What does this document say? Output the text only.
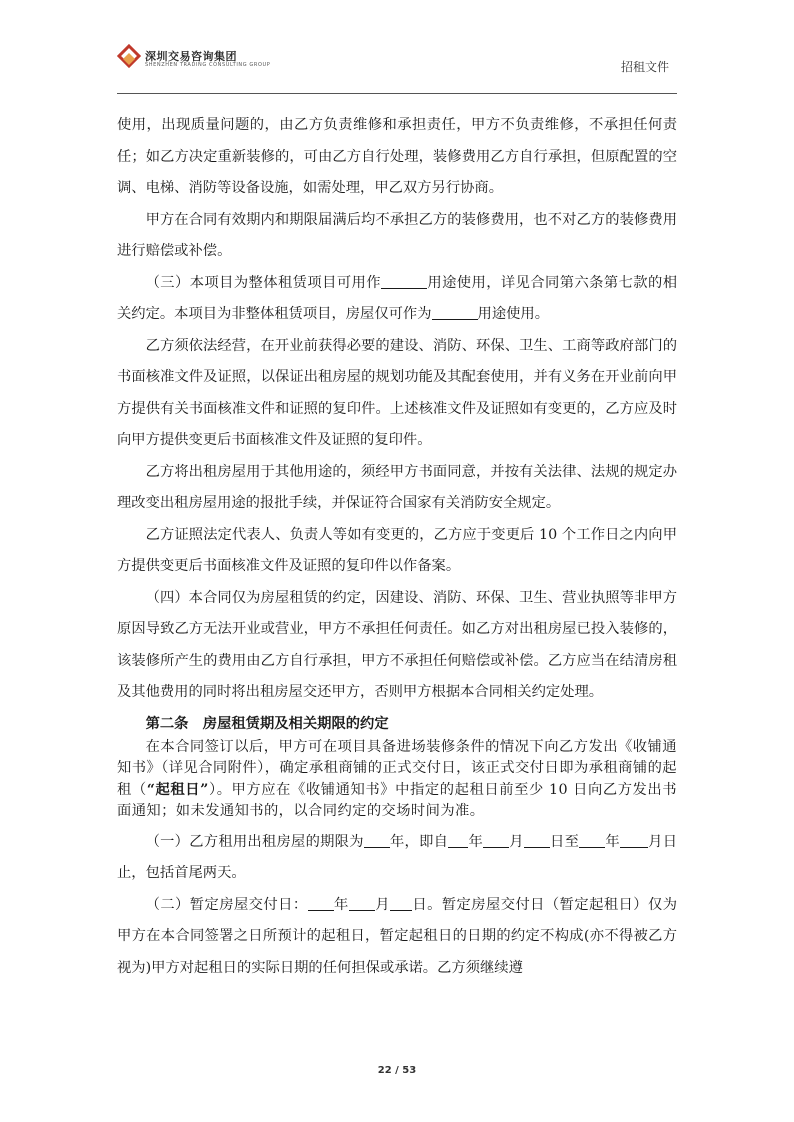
深圳交易咨询集团
SHENZHEN TRADING CONSULTING GROUP	招租文件

使用，出现质量问题的，由乙方负责维修和承担责任，甲方不负责维修，不承担任何责任；如乙方决定重新装修的，可由乙方自行处理，装修费用乙方自行承担，但原配置的空调、电梯、消防等设备设施，如需处理，甲乙双方另行协商。

甲方在合同有效期内和期限届满后均不承担乙方的装修费用，也不对乙方的装修费用进行赔偿或补偿。

（三）本项目为整体租赁项目可用作	用途使用，详见合同第六条第七款的相关约定。本项目为非整体租赁项目，房屋仅可作为	用途使用。

乙方须依法经营，在开业前获得必要的建设、消防、环保、卫生、工商等政府部门的书面核准文件及证照，以保证出租房屋的规划功能及其配套使用，并有义务在开业前向甲方提供有关书面核准文件和证照的复印件。上述核准文件及证照如有变更的，乙方应及时向甲方提供变更后书面核准文件及证照的复印件。

乙方将出租房屋用于其他用途的，须经甲方书面同意，并按有关法律、法规的规定办理改变出租房屋用途的报批手续，并保证符合国家有关消防安全规定。

乙方证照法定代表人、负责人等如有变更的，乙方应于变更后 10 个工作日之内向甲方提供变更后书面核准文件及证照的复印件以作备案。

（四）本合同仅为房屋租赁的约定，因建设、消防、环保、卫生、营业执照等非甲方原因导致乙方无法开业或营业，甲方不承担任何责任。如乙方对出租房屋已投入装修的，该装修所产生的费用由乙方自行承担，甲方不承担任何赔偿或补偿。乙方应当在结清房租及其他费用的同时将出租房屋交还甲方，否则甲方根据本合同相关约定处理。

第二条　房屋租赁期及相关期限的约定

在本合同签订以后，甲方可在项目具备进场装修条件的情况下向乙方发出《收铺通知书》（详见合同附件），确定承租商铺的正式交付日，该正式交付日即为承租商铺的起租（“起租日”）。甲方应在《收铺通知书》中指定的起租日前至少 10 日向乙方发出书面通知；如未发通知书的，以合同约定的交场时间为准。

（一）乙方租用出租房屋的期限为 年，即自 年 月 日至 年 月日止，包括首尾两天。

（二）暂定房屋交付日： 年 月 日。暂定房屋交付日（暂定起租日）仅为甲方在本合同签署之日所预计的起租日，暂定起租日的日期的约定不构成(亦不得被乙方视为)甲方对起租日的实际日期的任何担保或承诺。乙方须继续遵

22 / 53
